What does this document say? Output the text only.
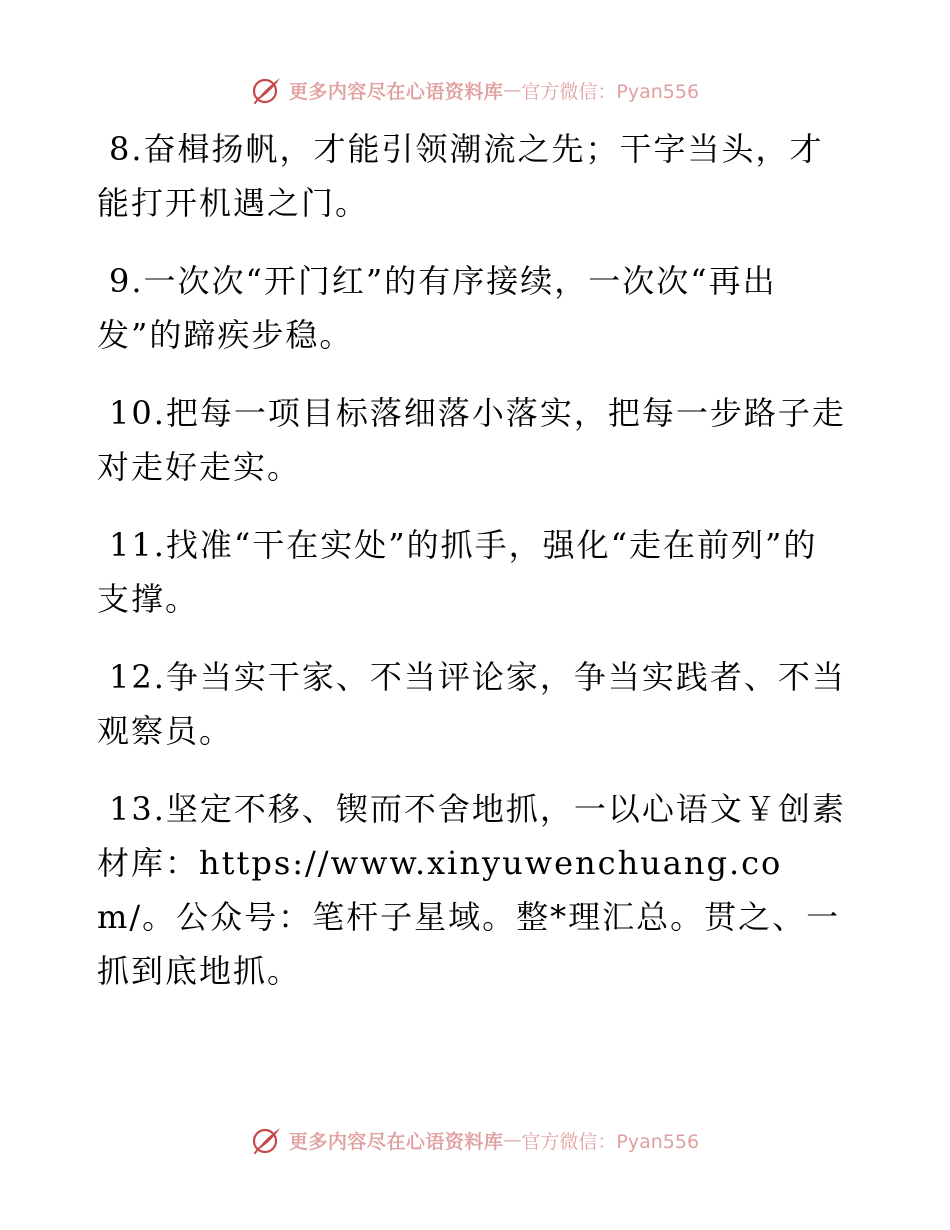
更多内容尽在心语资料库 — 官方微信：Pyan556

8.奋楫扬帆，才能引领潮流之先；干字当头，才能打开机遇之门。

9.一次次“开门红”的有序接续，一次次“再出发”的蹄疾步稳。

10.把每一项目标落细落小落实，把每一步路子走对走好走实。

11.找准“干在实处”的抓手，强化“走在前列”的支撑。

12.争当实干家、不当评论家，争当实践者、不当观察员。

13.坚定不移、锲而不舍地抓，一以心语文￥创素材库：https://www.xinyuwenchuang.com/。公众号：笔杆子星域。整*理汇总。贯之、一抓到底地抓。

更多内容尽在心语资料库 — 官方微信：Pyan556
